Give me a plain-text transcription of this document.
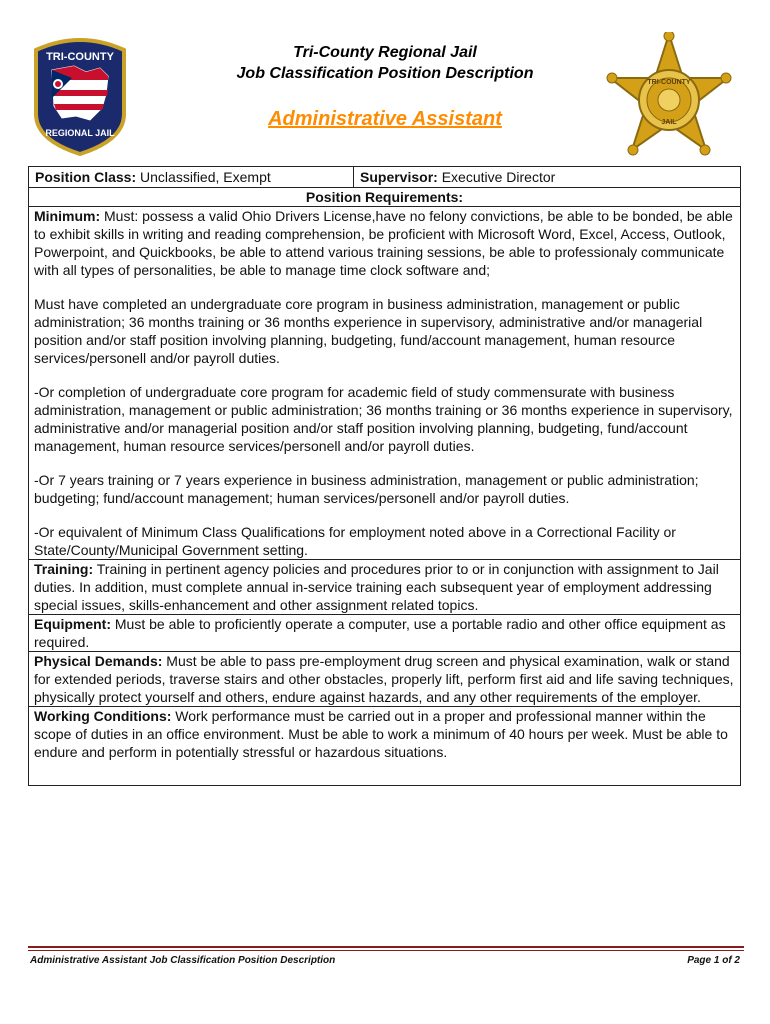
TRI-COUNTY
REGIONAL JAIL
Tri-County Regional Jail
Job Classification Position Description
Administrative Assistant
TRI-COUNTY
JAIL
Position Class: Unclassified, Exempt	Supervisor: Executive Director
Position Requirements:

Minimum: Must: possess a valid Ohio Drivers License,have no felony convictions, be able to be bonded, be able to exhibit skills in writing and reading comprehension, be proficient with Microsoft Word, Excel, Access, Outlook, Powerpoint, and Quickbooks, be able to attend various training sessions, be able to professionaly communicate with all types of personalities, be able to manage time clock software and;

Must have completed an undergraduate core program in business administration, management or public administration; 36 months training or 36 months experience in supervisory, administrative and/or managerial position and/or staff position involving planning, budgeting, fund/account management, human resource services/personell and/or payroll duties.

-Or completion of undergraduate core program for academic field of study commensurate with business administration, management or public administration; 36 months training or 36 months experience in supervisory, administrative and/or managerial position and/or staff position involving planning, budgeting, fund/account management, human resource services/personell and/or payroll duties.

-Or 7 years training or 7 years experience in business administration, management or public administration; budgeting; fund/account management; human services/personell and/or payroll duties.

-Or equivalent of Minimum Class Qualifications for employment noted above in a Correctional Facility or State/County/Municipal Government setting.

Training: Training in pertinent agency policies and procedures prior to or in conjunction with assignment to Jail duties. In addition, must complete annual in-service training each subsequent year of employment addressing special issues, skills-enhancement and other assignment related topics.
Equipment: Must be able to proficiently operate a computer, use a portable radio and other office equipment as required.
Physical Demands: Must be able to pass pre-employment drug screen and physical examination, walk or stand for extended periods, traverse stairs and other obstacles, properly lift, perform first aid and life saving techniques, physically protect yourself and others, endure against hazards, and any other requirements of the employer.
Working Conditions: Work performance must be carried out in a proper and professional manner within the scope of duties in an office environment. Must be able to work a minimum of 40 hours per week. Must be able to endure and perform in potentially stressful or hazardous situations.
Administrative Assistant Job Classification Position Description	Page 1 of 2
